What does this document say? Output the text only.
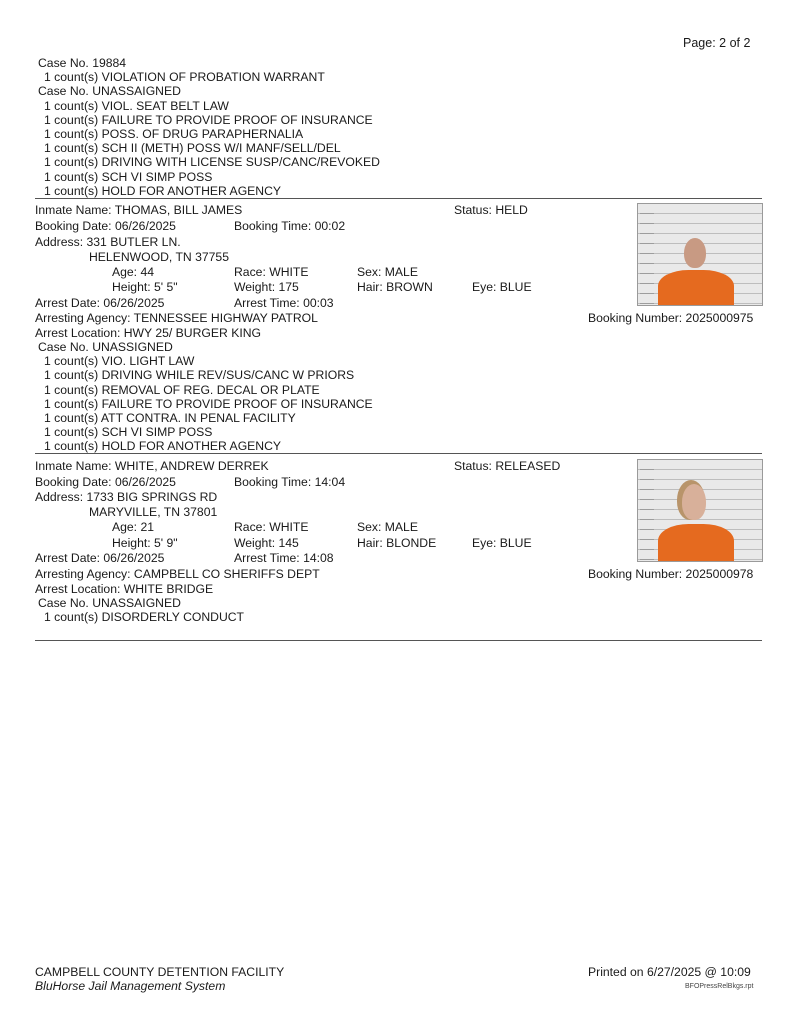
Page: 2 of 2
Case No. 19884
1 count(s) VIOLATION OF PROBATION WARRANT
Case No. UNASSAIGNED
1 count(s) VIOL. SEAT BELT LAW
1 count(s) FAILURE TO PROVIDE PROOF OF INSURANCE
1 count(s) POSS. OF DRUG PARAPHERNALIA
1 count(s) SCH II (METH) POSS W/I MANF/SELL/DEL
1 count(s) DRIVING WITH LICENSE SUSP/CANC/REVOKED
1 count(s) SCH VI SIMP POSS
1 count(s) HOLD FOR ANOTHER AGENCY
Inmate Name: THOMAS, BILL JAMES	Status: HELD
Booking Date: 06/26/2025	Booking Time: 00:02
Address: 331 BUTLER LN.
HELENWOOD, TN 37755
Age: 44	Race: WHITE	Sex: MALE
Height: 5' 5"	Weight: 175	Hair: BROWN	Eye: BLUE
Arrest Date: 06/26/2025	Arrest Time: 00:03
Arresting Agency: TENNESSEE HIGHWAY PATROL	Booking Number: 2025000975
Arrest Location: HWY 25/ BURGER KING
Case No. UNASSIGNED
1 count(s) VIO. LIGHT LAW
1 count(s) DRIVING WHILE REV/SUS/CANC W PRIORS
1 count(s) REMOVAL OF REG. DECAL OR PLATE
1 count(s) FAILURE TO PROVIDE PROOF OF INSURANCE
1 count(s) ATT CONTRA. IN PENAL FACILITY
1 count(s) SCH VI SIMP POSS
1 count(s) HOLD FOR ANOTHER AGENCY
Inmate Name: WHITE, ANDREW DERREK	Status: RELEASED
Booking Date: 06/26/2025	Booking Time: 14:04
Address: 1733 BIG SPRINGS RD
MARYVILLE, TN 37801
Age: 21	Race: WHITE	Sex: MALE
Height: 5' 9"	Weight: 145	Hair: BLONDE	Eye: BLUE
Arrest Date: 06/26/2025	Arrest Time: 14:08
Arresting Agency: CAMPBELL CO SHERIFFS DEPT	Booking Number: 2025000978
Arrest Location: WHITE BRIDGE
Case No. UNASSAIGNED
1 count(s) DISORDERLY CONDUCT
CAMPBELL COUNTY DETENTION FACILITY
BluHorse Jail Management System
Printed on 6/27/2025 @ 10:09
BFOPressRelBkgs.rpt
